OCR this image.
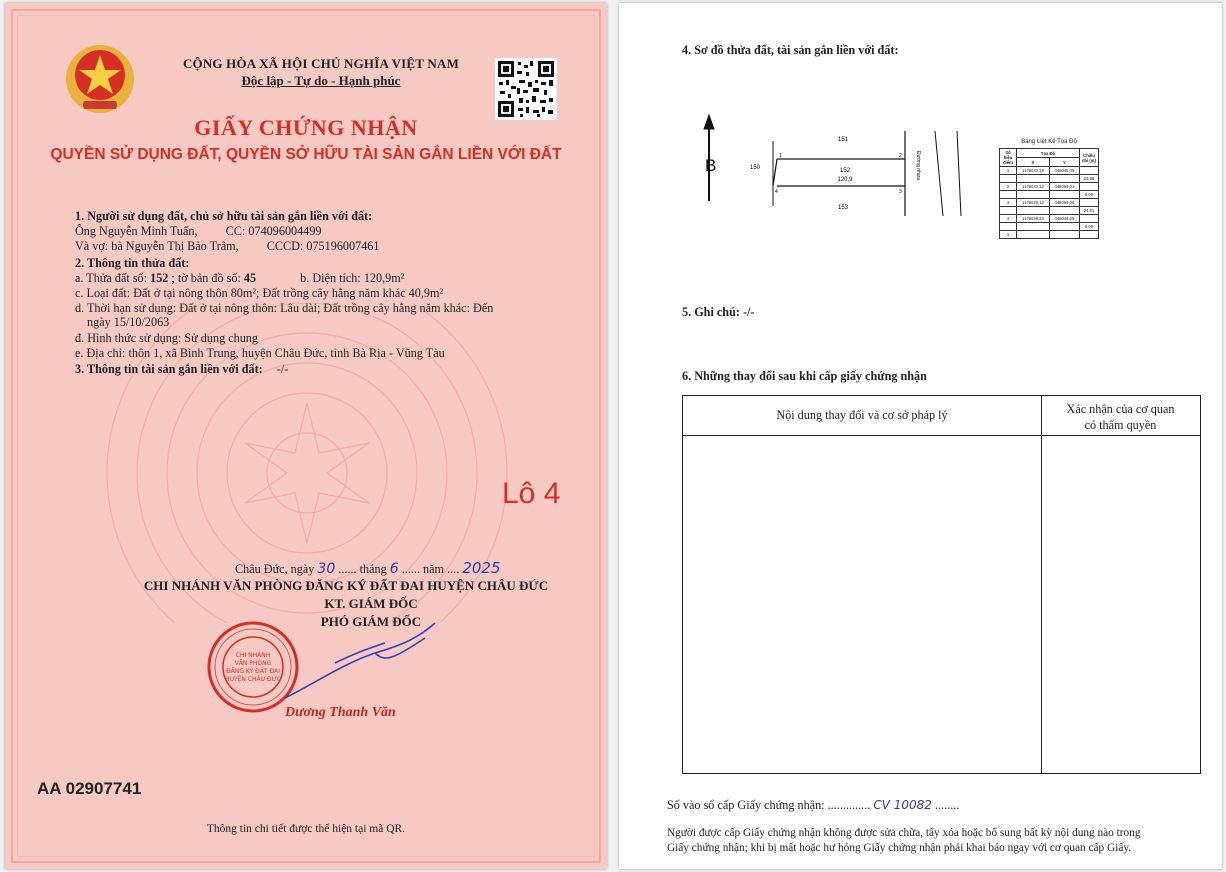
CỘNG HÒA XÃ HỘI CHỦ NGHĨA VIỆT NAM
Độc lập - Tự do - Hạnh phúc
GIẤY CHỨNG NHẬN
QUYỀN SỬ DỤNG ĐẤT, QUYỀN SỞ HỮU TÀI SẢN GẮN LIỀN VỚI ĐẤT
1. Người sử dụng đất, chủ sở hữu tài sản gắn liền với đất:
Ông Nguyễn Minh Tuấn, CC: 074096004499
Và vợ: bà Nguyễn Thị Bảo Trâm, CCCD: 075196007461
2. Thông tin thửa đất:
a. Thửa đất số: 152 ; tờ bản đồ số: 45	b. Diện tích: 120,9m²
c. Loại đất: Đất ở tại nông thôn 80m²; Đất trồng cây hằng năm khác 40,9m²
d. Thời hạn sử dụng: Đất ở tại nông thôn: Lâu dài; Đất trồng cây hằng năm khác: Đến
ngày 15/10/2063
đ. Hình thức sử dụng: Sử dụng chung
e. Địa chỉ: thôn 1, xã Bình Trung, huyện Châu Đức, tỉnh Bà Rịa - Vũng Tàu
3. Thông tin tài sản gắn liền với đất: -/-
Lô 4
Châu Đức, ngày 30 ...... tháng 6 ...... năm .... 2025
CHI NHÁNH VĂN PHÒNG ĐĂNG KÝ ĐẤT ĐAI HUYỆN CHÂU ĐỨC
KT. GIÁM ĐỐC
PHÓ GIÁM ĐỐC
CHI NHÁNH
VĂN PHÒNG
ĐĂNG KÝ ĐẤT ĐAI
HUYỆN CHÂU ĐỨC
Dương Thanh Văn
AA 02907741
Thông tin chi tiết được thể hiện tại mã QR.
4. Sơ đồ thửa đất, tài sản gắn liền với đất:
B
151
150
153
152
120,9
1	2
3
4
Đường nhựa
Bảng Liệt Kê Tọa Độ
Số hiệu điểm	Tọa Độ		Chiều dài (m)
	X	Y	
1	1176033,19	446045,05	
			23,96
2	1176033,12	446069,01	
			5,00
3	1176028,12	446069,06	
			24,81
4	1176028,24	446044,25	
			5,00
1			
5. Ghi chú: -/-
6. Những thay đổi sau khi cấp giấy chứng nhận
Nội dung thay đổi và cơ sở pháp lý	Xác nhận của cơ quan
có thẩm quyền
Số vào sổ cấp Giấy chứng nhận: .............. CV 10082 ........
Người được cấp Giấy chứng nhận không được sửa chữa, tẩy xóa hoặc bổ sung bất kỳ nội dung nào trong
Giấy chứng nhận; khi bị mất hoặc hư hỏng Giấy chứng nhận phải khai báo ngay với cơ quan cấp Giấy.
